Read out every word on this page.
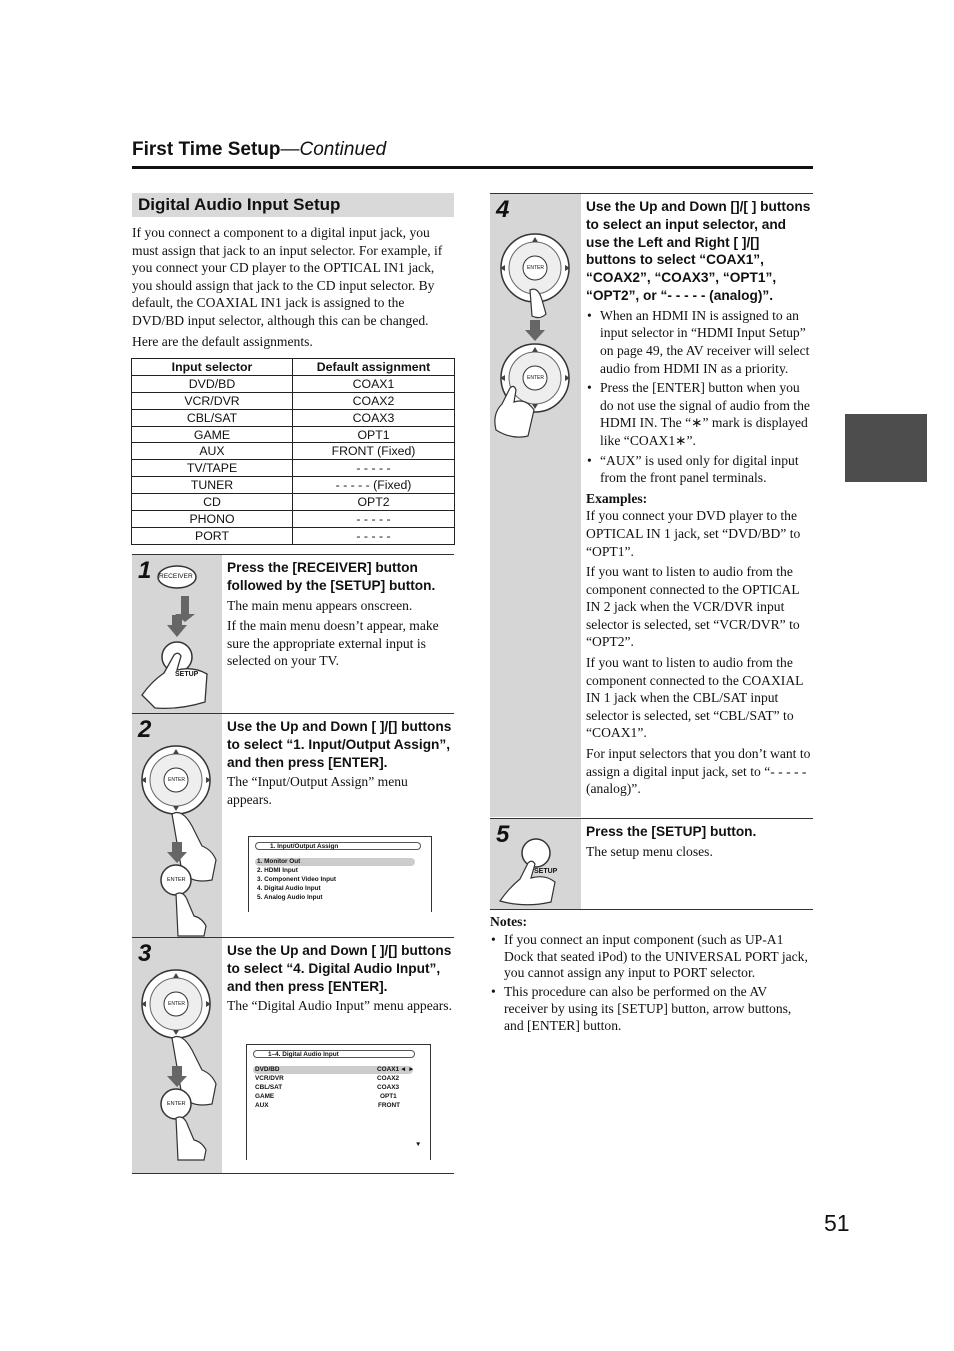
First Time Setup—Continued
Digital Audio Input Setup

If you connect a component to a digital input jack, you must assign that jack to an input selector. For example, if you connect your CD player to the OPTICAL IN1 jack, you should assign that jack to the CD input selector. By default, the COAXIAL IN1 jack is assigned to the DVD/BD input selector, although this can be changed.

Here are the default assignments.

Input selector	Default assignment
DVD/BD	COAX1
VCR/DVR	COAX2
CBL/SAT	COAX3
GAME	OPT1
AUX	FRONT (Fixed)
TV/TAPE	- - - - -
TUNER	- - - - - (Fixed)
CD	OPT2
PHONO	- - - - -
PORT	- - - - -
1 RECEIVER
SETUP
Press the [RECEIVER] button followed by the [SETUP] button.

The main menu appears onscreen.

If the main menu doesn’t appear, make sure the appropriate external input is selected on your TV.

2
ENTER
ENTER
Use the Up and Down [ ]/[] buttons to select “1. Input/Output Assign”, and then press [ENTER].

The “Input/Output Assign” menu appears.

1. Input/Output Assign
1. Monitor Out
2. HDMI Input
3. Component Video Input
4. Digital Audio Input
5. Analog Audio Input
3
ENTER
ENTER
Use the Up and Down [ ]/[] buttons to select “4. Digital Audio Input”, and then press [ENTER].

The “Digital Audio Input” menu appears.

1–4. Digital Audio Input
DVD/BD	COAX1 ◄ ►
VCR/DVR	COAX2
CBL/SAT	COAX3
GAME	OPT1
AUX	FRONT
▼
4
ENTER
ENTER
Use the Up and Down []/[ ] buttons to select an input selector, and use the Left and Right [ ]/[] buttons to select “COAX1”, “COAX2”, “COAX3”, “OPT1”, “OPT2”, or “- - - - - (analog)”.
• When an HDMI IN is assigned to an input selector in “HDMI Input Setup” on page 49, the AV receiver will select audio from HDMI IN as a priority.
• Press the [ENTER] button when you do not use the signal of audio from the HDMI IN. The “∗” mark is displayed like “COAX1∗”.
• “AUX” is used only for digital input from the front panel terminals.

Examples:

If you connect your DVD player to the OPTICAL IN 1 jack, set “DVD/BD” to “OPT1”.

If you want to listen to audio from the component connected to the OPTICAL IN 2 jack when the VCR/DVR input selector is selected, set “VCR/DVR” to “OPT2”.

If you want to listen to audio from the component connected to the COAXIAL IN 1 jack when the CBL/SAT input selector is selected, set “CBL/SAT” to “COAX1”.

For input selectors that you don’t want to assign a digital input jack, set to “- - - - - (analog)”.

5
SETUP
Press the [SETUP] button.

The setup menu closes.

Notes:

• If you connect an input component (such as UP-A1 Dock that seated iPod) to the UNIVERSAL PORT jack, you cannot assign any input to PORT selector.
• This procedure can also be performed on the AV receiver by using its [SETUP] button, arrow buttons, and [ENTER] button.
51
